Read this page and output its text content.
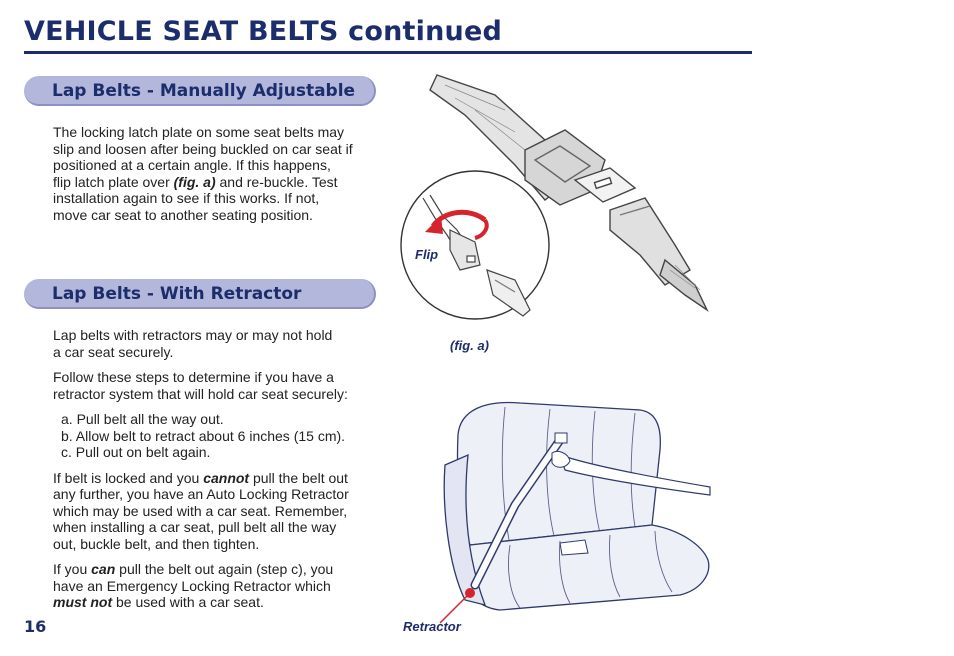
VEHICLE SEAT BELTS continued
Lap Belts - Manually Adjustable

The locking latch plate on some seat belts may

slip and loosen after being buckled on car seat if

positioned at a certain angle. If this happens,

flip latch plate over (fig. a) and re-buckle. Test

installation again to see if this works. If not,

move car seat to another seating position.

Lap Belts - With Retractor

Lap belts with retractors may or may not hold

a car seat securely.

Follow these steps to determine if you have a

retractor system that will hold car seat securely:

a. Pull belt all the way out.

b. Allow belt to retract about 6 inches (15 cm).

c. Pull out on belt again.

If belt is locked and you cannot pull the belt out

any further, you have an Auto Locking Retractor

which may be used with a car seat. Remember,

when installing a car seat, pull belt all the way

out, buckle belt, and then tighten.

If you can pull the belt out again (step c), you

have an Emergency Locking Retractor which

must not be used with a car seat.

16
Flip
(fig. a)
Retractor
